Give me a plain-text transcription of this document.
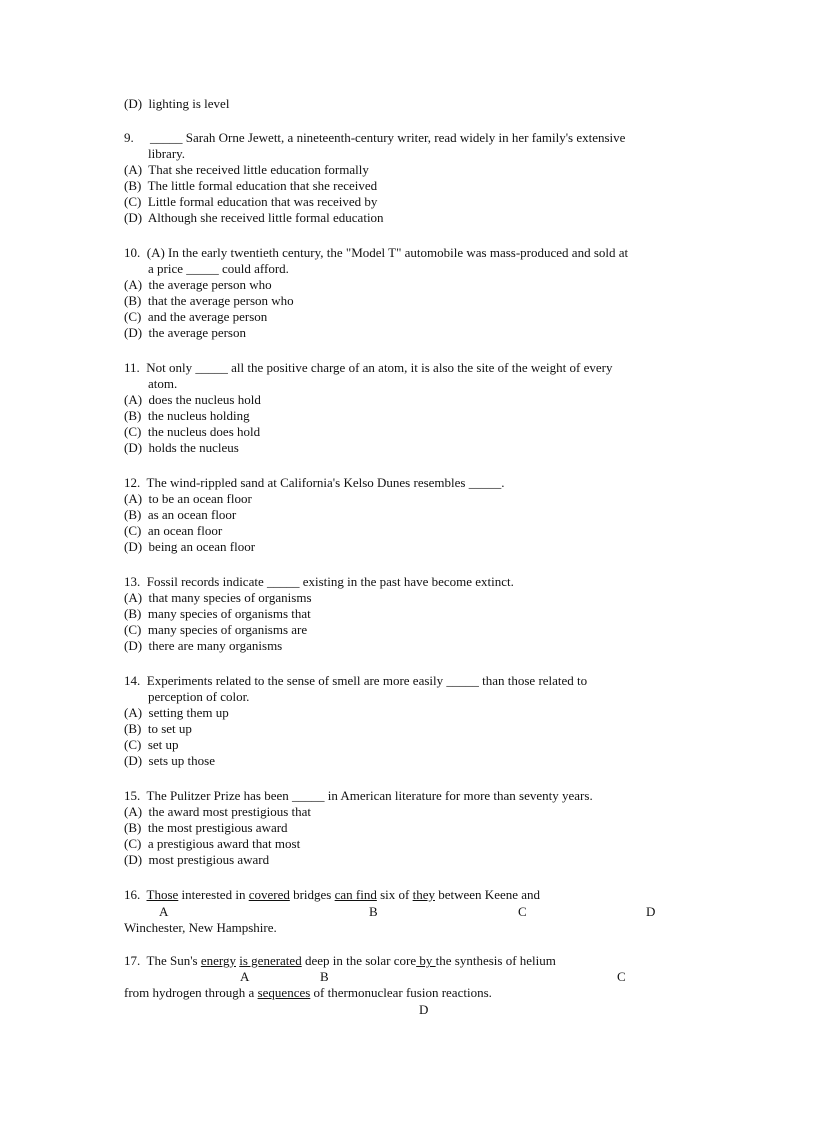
(D)  lighting is level
9.     _____ Sarah Orne Jewett, a nineteenth-century writer, read widely in her family's extensive
library.
(A)  That she received little education formally
(B)  The little formal education that she received
(C)  Little formal education that was received by
(D)  Although she received little formal education
10.  (A) In the early twentieth century, the "Model T" automobile was mass-produced and sold at
a price _____ could afford.
(A)  the average person who
(B)  that the average person who
(C)  and the average person
(D)  the average person
11.  Not only _____ all the positive charge of an atom, it is also the site of the weight of every
atom.
(A)  does the nucleus hold
(B)  the nucleus holding
(C)  the nucleus does hold
(D)  holds the nucleus
12.  The wind-rippled sand at California's Kelso Dunes resembles _____.
(A)  to be an ocean floor
(B)  as an ocean floor
(C)  an ocean floor
(D)  being an ocean floor
13.  Fossil records indicate _____ existing in the past have become extinct.
(A)  that many species of organisms
(B)  many species of organisms that
(C)  many species of organisms are
(D)  there are many organisms
14.  Experiments related to the sense of smell are more easily _____ than those related to
perception of color.
(A)  setting them up
(B)  to set up
(C)  set up
(D)  sets up those
15.  The Pulitzer Prize has been _____ in American literature for more than seventy years.
(A)  the award most prestigious that
(B)  the most prestigious award
(C)  a prestigious award that most
(D)  most prestigious award
16.  Those interested in covered bridges can find six of they between Keene and
A	B	C	D
Winchester, New Hampshire.
17.  The Sun's energy is generated deep in the solar core by the synthesis of helium
A	B	C
from hydrogen through a sequences of thermonuclear fusion reactions.
D
